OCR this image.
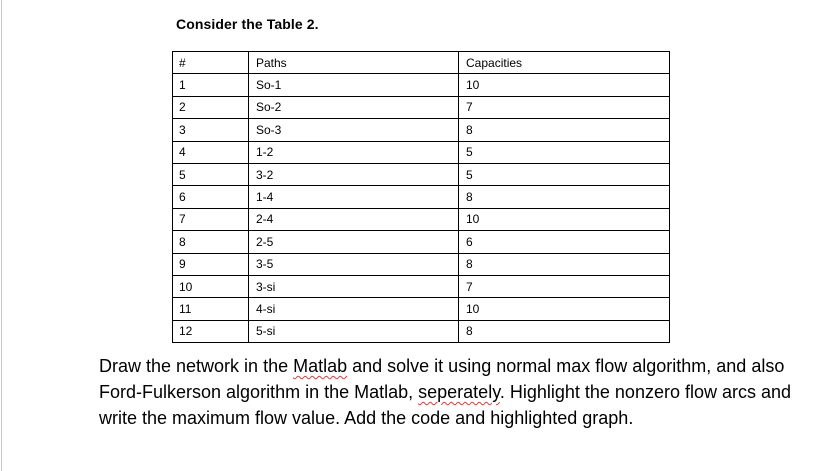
Consider the Table 2.
#	Paths	Capacities
1	So-1	10
2	So-2	7
3	So-3	8
4	1-2	5
5	3-2	5
6	1-4	8
7	2-4	10
8	2-5	6
9	3-5	8
10	3-si	7
11	4-si	10
12	5-si	8

Draw the network in the Matlab and solve it using normal max flow algorithm, and also Ford-Fulkerson algorithm in the Matlab, seperately. Highlight the nonzero flow arcs and write the maximum flow value. Add the code and highlighted graph.
